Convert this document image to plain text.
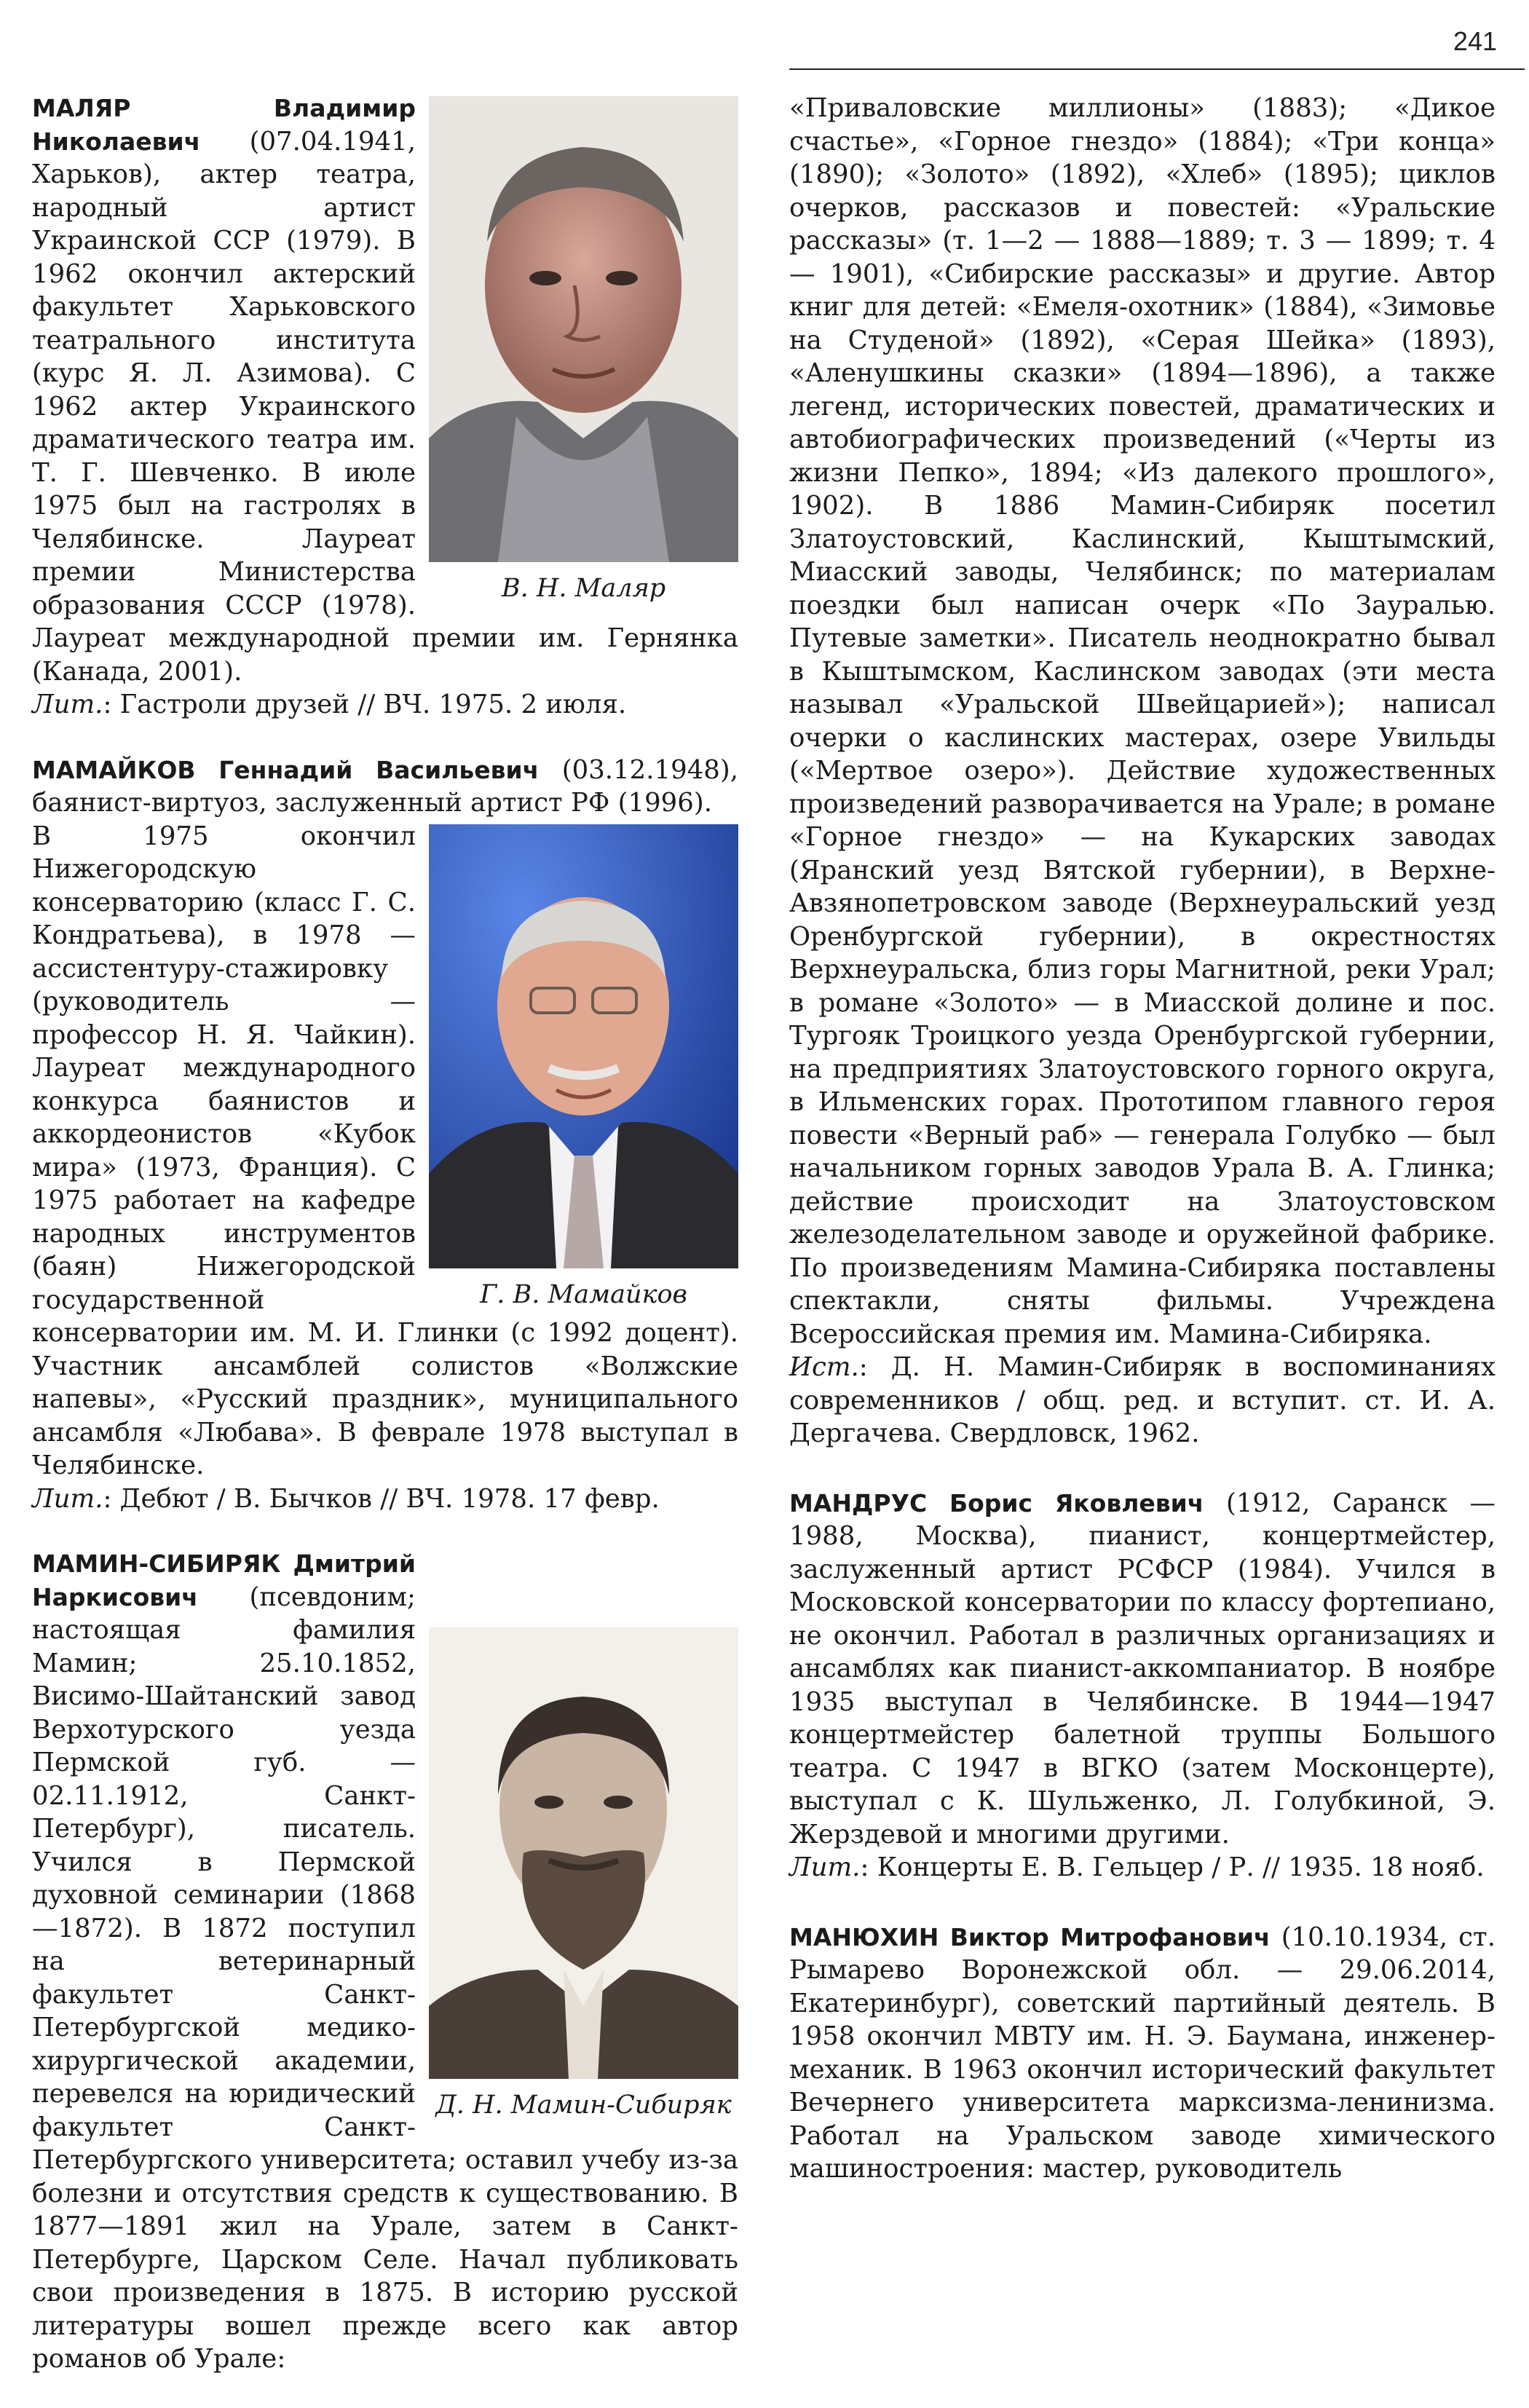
241

В. Н. Маляр
МАЛЯР Владимир Николаевич (07.04.1941, Харьков), актер театра, народный артист Украинской ССР (1979). В 1962 окончил актерский факультет Харьковского театрального института (курс Я. Л. Азимова). С 1962 актер Украинского драматического театра им. Т. Г. Шевченко. В июле 1975 был на гастролях в Челябинске. Лауреат премии Министерства образования СССР (1978). Лауреат международной премии им. Гернянка (Канада, 2001).

Лит.: Гастроли друзей // ВЧ. 1975. 2 июля.

МАМАЙКОВ Геннадий Васильевич (03.12.1948), баянист-виртуоз, заслуженный артист РФ (1996).

Г. В. Мамайков
В 1975 окончил Нижегородскую консерваторию (класс Г. С. Кондратьева), в 1978 — ассистентуру-стажировку (руководитель — профессор Н. Я. Чайкин). Лауреат международного конкурса баянистов и аккордеонистов «Кубок мира» (1973, Франция). С 1975 работает на кафедре народных инструментов (баян) Нижегородской государственной консерватории им. М. И. Глинки (с 1992 доцент). Участник ансамблей солистов «Волжские напевы», «Русский праздник», муниципального ансамбля «Любава». В феврале 1978 выступал в Челябинске.

Лит.: Дебют / В. Бычков // ВЧ. 1978. 17 февр.

Д. Н. Мамин-Сибиряк
МАМИН-СИБИРЯК Дмитрий Наркисович (псевдоним; настоящая фамилия Мамин; 25.10.1852, Висимо-Шайтанский завод Верхотурского уезда Пермской губ. — 02.11.1912, Санкт-Петербург), писатель. Учился в Пермской духовной семинарии (1868—1872). В 1872 поступил на ветеринарный факультет Санкт-Петербургской медико-хирургической академии, перевелся на юридический факультет Санкт-Петербургского университета; оставил учебу из-за болезни и отсутствия средств к существованию. В 1877—1891 жил на Урале, затем в Санкт-Петербурге, Царском Селе. Начал публиковать свои произведения в 1875. В историю русской литературы вошел прежде всего как автор романов об Урале:

«Приваловские миллионы» (1883); «Дикое счастье», «Горное гнездо» (1884); «Три конца» (1890); «Золото» (1892), «Хлеб» (1895); циклов очерков, рассказов и повестей: «Уральские рассказы» (т. 1—2 — 1888—1889; т. 3 — 1899; т. 4 — 1901), «Сибирские рассказы» и другие. Автор книг для детей: «Емеля-охотник» (1884), «Зимовье на Студеной» (1892), «Серая Шейка» (1893), «Аленушкины сказки» (1894—1896), а также легенд, исторических повестей, драматических и автобиографических произведений («Черты из жизни Пепко», 1894; «Из далекого прошлого», 1902). В 1886 Мамин-Сибиряк посетил Златоустовский, Каслинский, Кыштымский, Миасский заводы, Челябинск; по материалам поездки был написан очерк «По Зауралью. Путевые заметки». Писатель неоднократно бывал в Кыштымском, Каслинском заводах (эти места называл «Уральской Швейцарией»); написал очерки о каслинских мастерах, озере Увильды («Мертвое озеро»). Действие художественных произведений разворачивается на Урале; в романе «Горное гнездо» — на Кукарских заводах (Яранский уезд Вятской губернии), в Верхне-Авзянопетровском заводе (Верхнеуральский уезд Оренбургской губернии), в окрестностях Верхнеуральска, близ горы Магнитной, реки Урал; в романе «Золото» — в Миасской долине и пос. Тургояк Троицкого уезда Оренбургской губернии, на предприятиях Златоустовского горного округа, в Ильменских горах. Прототипом главного героя повести «Верный раб» — генерала Голубко — был начальником горных заводов Урала В. А. Глинка; действие происходит на Златоустовском железоделательном заводе и оружейной фабрике. По произведениям Мамина-Сибиряка поставлены спектакли, сняты фильмы. Учреждена Всероссийская премия им. Мамина-Сибиряка.

Ист.: Д. Н. Мамин-Сибиряк в воспоминаниях современников / общ. ред. и вступит. ст. И. А. Дергачева. Свердловск, 1962.

МАНДРУС Борис Яковлевич (1912, Саранск — 1988, Москва), пианист, концертмейстер, заслуженный артист РСФСР (1984). Учился в Московской консерватории по классу фортепиано, не окончил. Работал в различных организациях и ансамблях как пианист-аккомпаниатор. В ноябре 1935 выступал в Челябинске. В 1944—1947 концертмейстер балетной труппы Большого театра. С 1947 в ВГКО (затем Москонцерте), выступал с К. Шульженко, Л. Голубкиной, Э. Жерздевой и многими другими.

Лит.: Концерты Е. В. Гельцер / Р. // 1935. 18 нояб.

МАНЮХИН Виктор Митрофанович (10.10.1934, ст. Рымарево Воронежской обл. — 29.06.2014, Екатеринбург), советский партийный деятель. В 1958 окончил МВТУ им. Н. Э. Баумана, инженер-механик. В 1963 окончил исторический факультет Вечернего университета марксизма-ленинизма. Работал на Уральском заводе химического машиностроения: мастер, руководитель
